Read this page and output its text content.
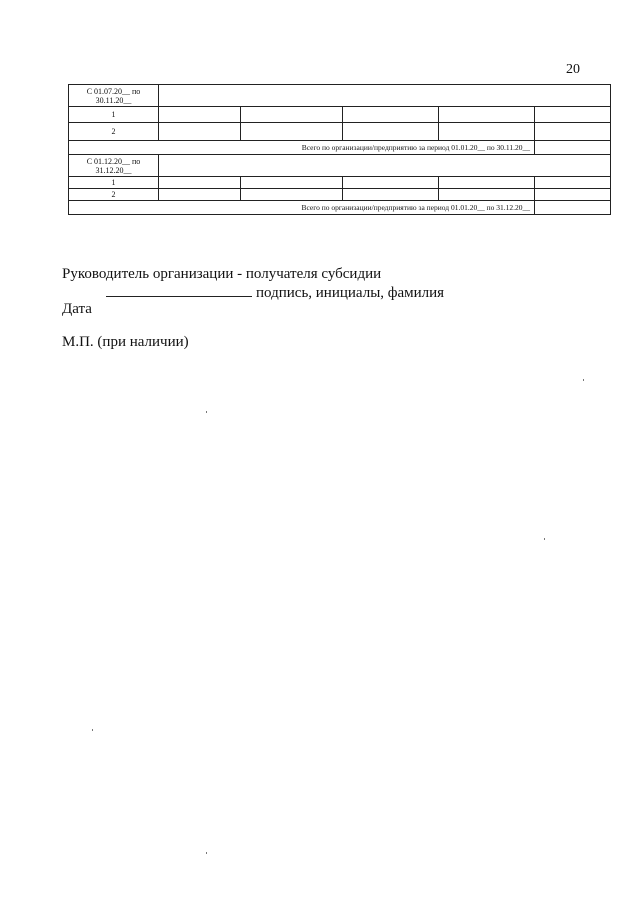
20
С 01.07.20__ по 30.11.20__					
1					
2					
Всего по организации/предприятию за период 01.01.20__ по 30.11.20__					
С 01.12.20__ по 31.12.20__					
1					
2					
Всего по организации/предприятию за период 01.01.20__ по 31.12.20__					
Руководитель организации - получателя субсидии
подпись, инициалы, фамилия
Дата
М.П. (при наличии)
